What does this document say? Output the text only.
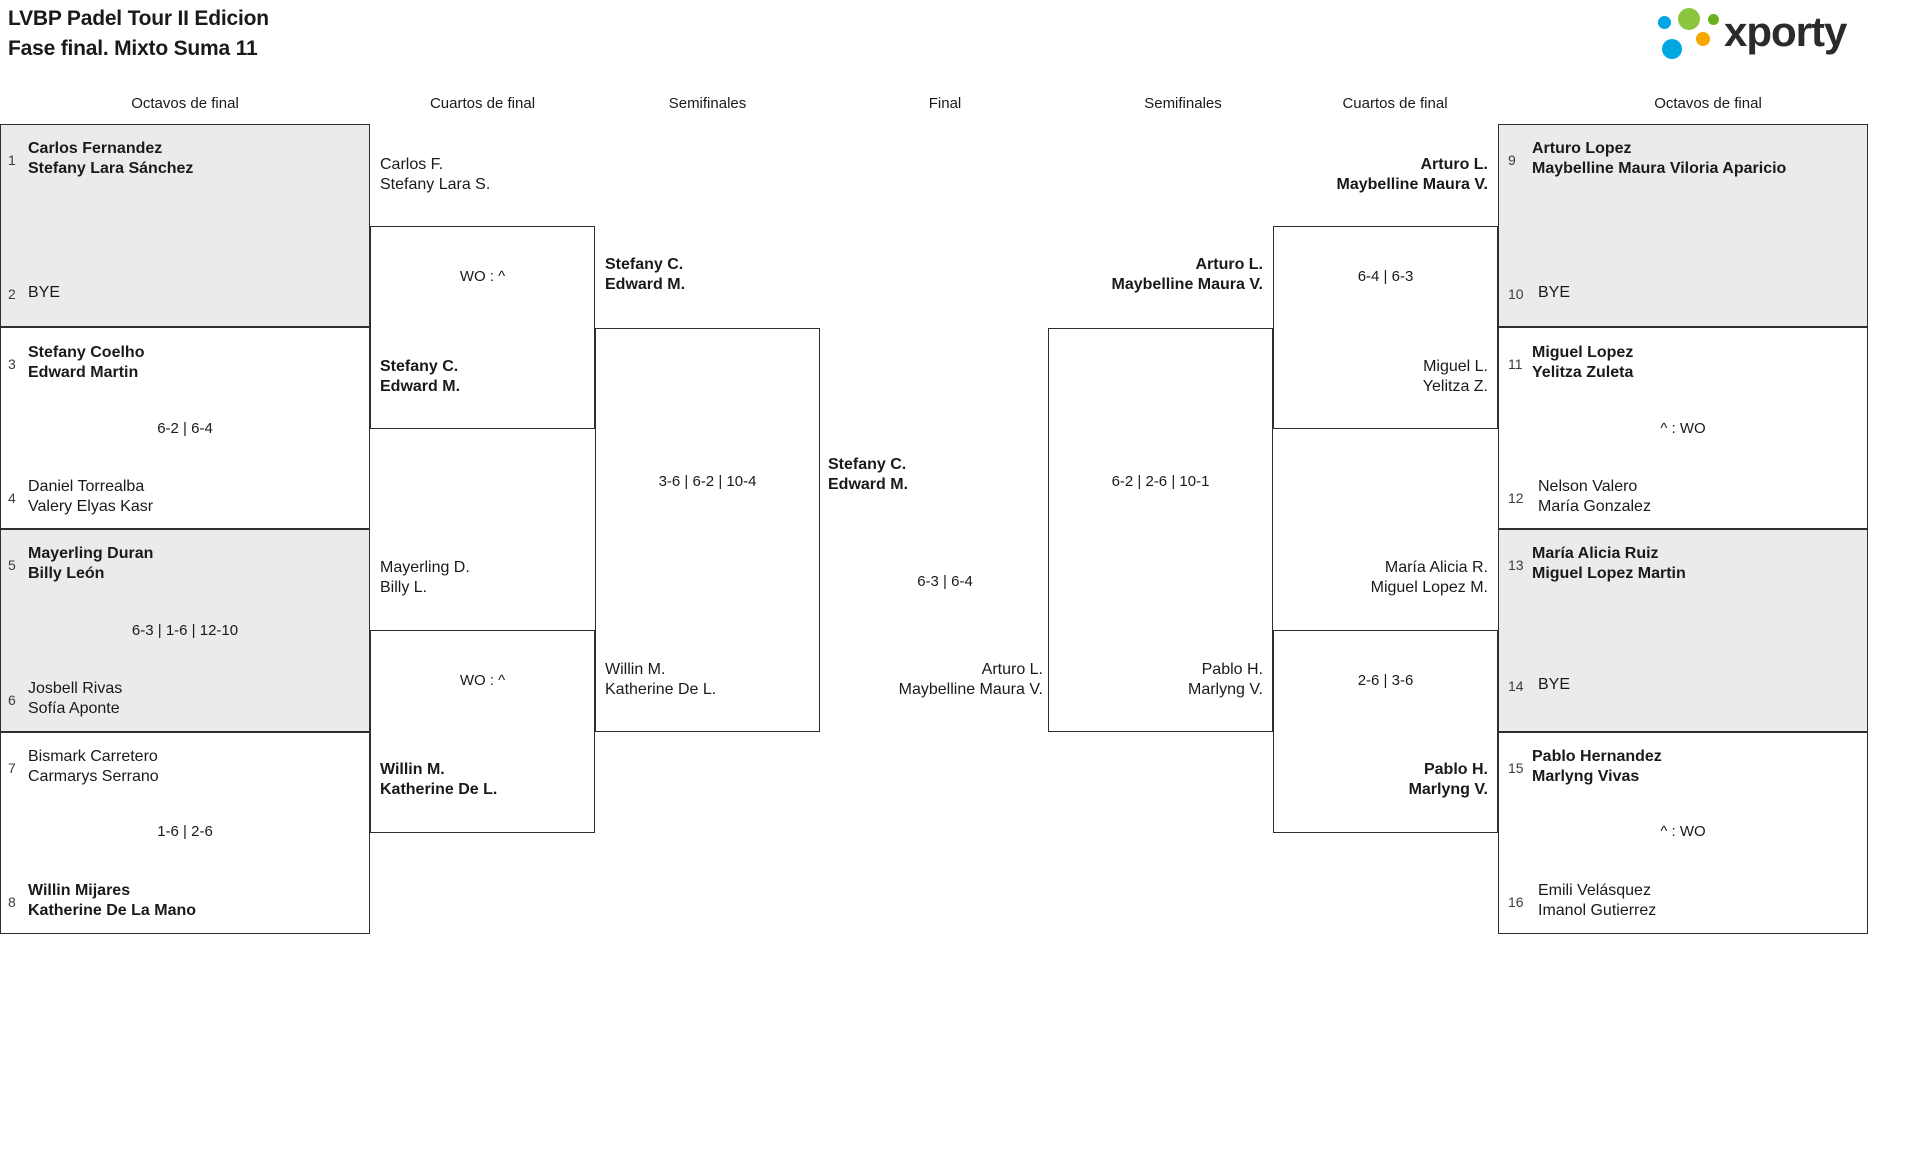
LVBP Padel Tour II Edicion
Fase final. Mixto Suma 11	xporty
Octavos de final	Cuartos de final	Semifinales	Final	Semifinales	Cuartos de final	Octavos de final
1
Carlos Fernandez
Stefany Lara Sánchez
2 BYE
3
Stefany Coelho
Edward Martin
4
Daniel Torrealba
Valery Elyas Kasr
5
Mayerling Duran
Billy León
6
Josbell Rivas
Sofía Aponte
7
Bismark Carretero
Carmarys Serrano
8
Willin Mijares
Katherine De La Mano
6-2 | 6-4
6-3 | 1-6 | 12-10
1-6 | 2-6
Carlos F.
Stefany Lara S.
Stefany C.
Edward M.
Mayerling D.
Billy L.
Willin M.
Katherine De L.
WO : ^
WO : ^
Stefany C.
Edward M.
Willin M.
Katherine De L.
3-6 | 6-2 | 10-4
Stefany C.
Edward M.
Arturo L.
Maybelline Maura V.
6-3 | 6-4
Arturo L.
Maybelline Maura V.
Pablo H.
Marlyng V.
6-2 | 2-6 | 10-1
Arturo L.
Maybelline Maura V.
Miguel L.
Yelitza Z.
María Alicia R.
Miguel Lopez M.
Pablo H.
Marlyng V.
6-4 | 6-3
2-6 | 3-6
9
Arturo Lopez
Maybelline Maura Viloria Aparicio
10 BYE
11
Miguel Lopez
Yelitza Zuleta
12
Nelson Valero
María Gonzalez
13
María Alicia Ruiz
Miguel Lopez Martin
14 BYE
15
Pablo Hernandez
Marlyng Vivas
16
Emili Velásquez
Imanol Gutierrez
^ : WO
^ : WO
